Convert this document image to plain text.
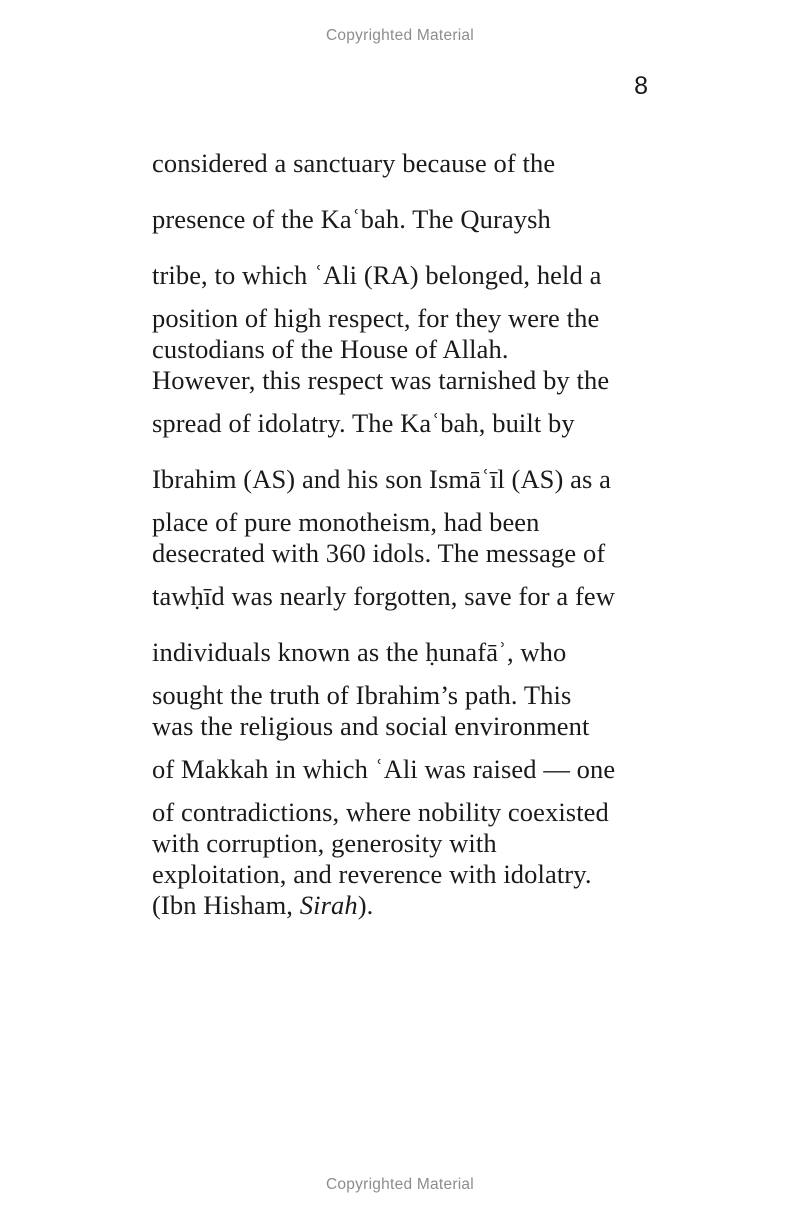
Copyrighted Material
8
considered a sanctuary because of the
presence of the Kaʿbah. The Quraysh
tribe, to which ʿAli (RA) belonged, held a
position of high respect, for they were the
custodians of the House of Allah.
However, this respect was tarnished by the
spread of idolatry. The Kaʿbah, built by
Ibrahim (AS) and his son Ismāʿīl (AS) as a
place of pure monotheism, had been
desecrated with 360 idols. The message of
tawḥīd was nearly forgotten, save for a few
individuals known as the ḥunafāʾ, who
sought the truth of Ibrahim’s path. This
was the religious and social environment
of Makkah in which ʿAli was raised — one
of contradictions, where nobility coexisted
with corruption, generosity with
exploitation, and reverence with idolatry.
(Ibn Hisham, Sirah).
Copyrighted Material
